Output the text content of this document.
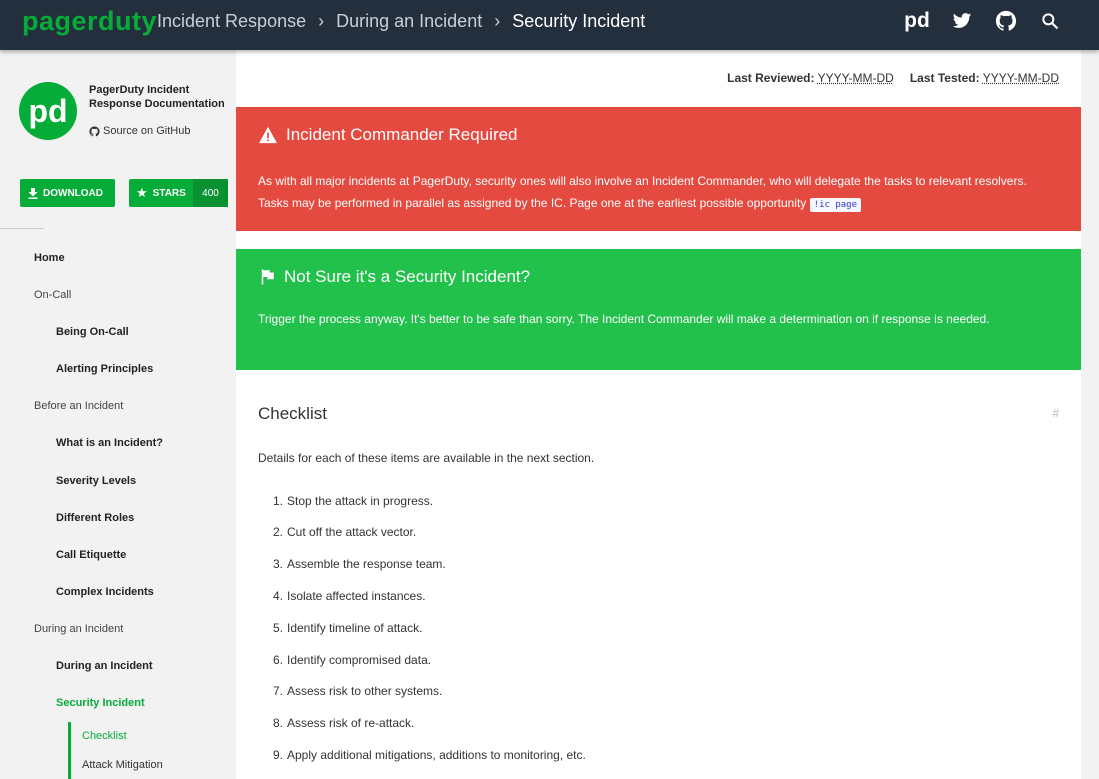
pagerduty Incident Response › During an Incident › Security Incident	pd
pd
PagerDuty Incident Response Documentation
Source on GitHub
DOWNLOAD	★ STARS	400
Home
On-Call
Being On-Call
Alerting Principles
Before an Incident
What is an Incident?
Severity Levels
Different Roles
Call Etiquette
Complex Incidents
During an Incident
During an Incident
Security Incident
Checklist
Attack Mitigation
Last Reviewed: YYYY-MM-DD Last Tested: YYYY-MM-DD
Incident Commander Required
As with all major incidents at PagerDuty, security ones will also involve an Incident Commander, who will delegate the tasks to relevant resolvers. Tasks may be performed in parallel as assigned by the IC. Page one at the earliest possible opportunity !ic page
Not Sure it's a Security Incident?
Trigger the process anyway. It's better to be safe than sorry. The Incident Commander will make a determination on if response is needed.
Checklist	#
Details for each of these items are available in the next section.
1. Stop the attack in progress.
2. Cut off the attack vector.
3. Assemble the response team.
4. Isolate affected instances.
5. Identify timeline of attack.
6. Identify compromised data.
7. Assess risk to other systems.
8. Assess risk of re-attack.
9. Apply additional mitigations, additions to monitoring, etc.
